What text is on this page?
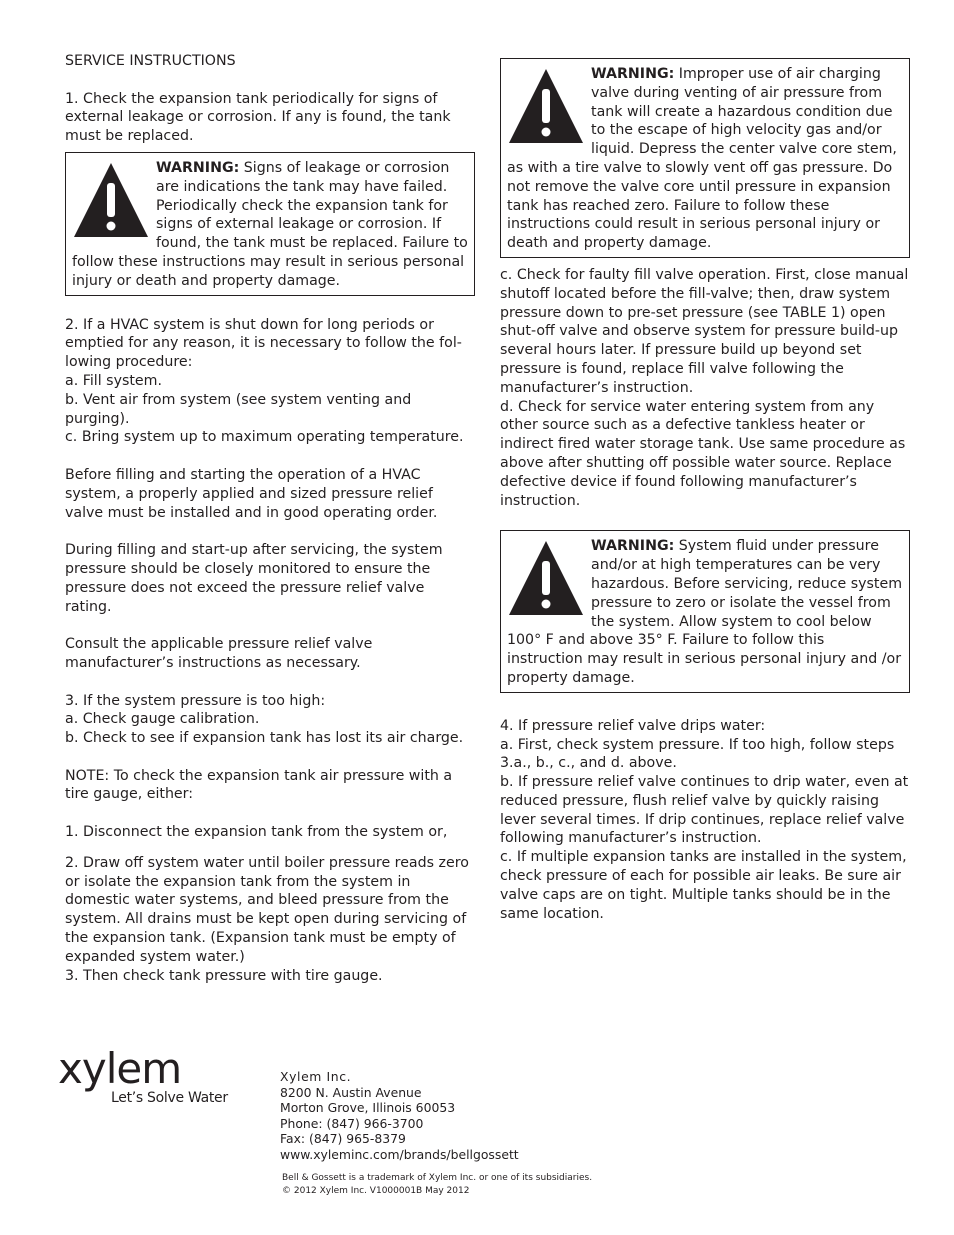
SERVICE INSTRUCTIONS

1. Check the expansion tank periodically for signs of external leakage or corrosion. If any is found, the tank must be replaced.

WARNING: Signs of leakage or corrosion are indications the tank may have failed. Periodically check the expansion tank for signs of external leakage or corrosion. If found, the tank must be replaced. Failure to follow these instructions may result in serious personal injury or death and property damage.

2. If a HVAC system is shut down for long periods or emptied for any reason, it is necessary to follow the fol-lowing procedure:

a. Fill system.

b. Vent air from system (see system venting and purging).

c. Bring system up to maximum operating temperature.

Before filling and starting the operation of a HVAC system, a properly applied and sized pressure relief valve must be installed and in good operating order.

During filling and start-up after servicing, the system pressure should be closely monitored to ensure the pressure does not exceed the pressure relief valve rating.

Consult the applicable pressure relief valve manufacturer’s instructions as necessary.

3. If the system pressure is too high:

a. Check gauge calibration.

b. Check to see if expansion tank has lost its air charge.

NOTE: To check the expansion tank air pressure with a tire gauge, either:

1. Disconnect the expansion tank from the system or,

2. Draw off system water until boiler pressure reads zero or isolate the expansion tank from the system in domestic water systems, and bleed pressure from the system. All drains must be kept open during servicing of the expansion tank. (Expansion tank must be empty of expanded system water.)

3. Then check tank pressure with tire gauge.

WARNING: Improper use of air charging valve during venting of air pressure from tank will create a hazardous condition due to the escape of high velocity gas and/or liquid. Depress the center valve core stem, as with a tire valve to slowly vent off gas pressure. Do not remove the valve core until pressure in expansion tank has reached zero. Failure to follow these instructions could result in serious personal injury or death and property damage.

c. Check for faulty fill valve operation. First, close manual shutoff located before the fill-valve; then, draw system pressure down to pre-set pressure (see TABLE 1) open shut-off valve and observe system for pressure build-up several hours later. If pressure build up beyond set pressure is found, replace fill valve following the manufacturer’s instruction.

d. Check for service water entering system from any other source such as a defective tankless heater or indirect fired water storage tank. Use same procedure as above after shutting off possible water source. Replace defective device if found following manufacturer’s instruction.

WARNING: System fluid under pressure and/or at high temperatures can be very hazardous. Before servicing, reduce system pressure to zero or isolate the vessel from the system. Allow system to cool below 100° F and above 35° F. Failure to follow this instruction may result in serious personal injury and /or property damage.

4. If pressure relief valve drips water:

a. First, check system pressure. If too high, follow steps 3.a., b., c., and d. above.

b. If pressure relief valve continues to drip water, even at reduced pressure, flush relief valve by quickly raising lever several times. If drip continues, replace relief valve following manufacturer’s instruction.

c. If multiple expansion tanks are installed in the system, check pressure of each for possible air leaks. Be sure air valve caps are on tight. Multiple tanks should be in the same location.

xylem
Let’s Solve Water
Xylem Inc.
8200 N. Austin Avenue
Morton Grove, Illinois 60053
Phone: (847) 966-3700
Fax: (847) 965-8379
www.xyleminc.com/brands/bellgossett
Bell & Gossett is a trademark of Xylem Inc. or one of its subsidiaries.
© 2012 Xylem Inc. V1000001B May 2012
